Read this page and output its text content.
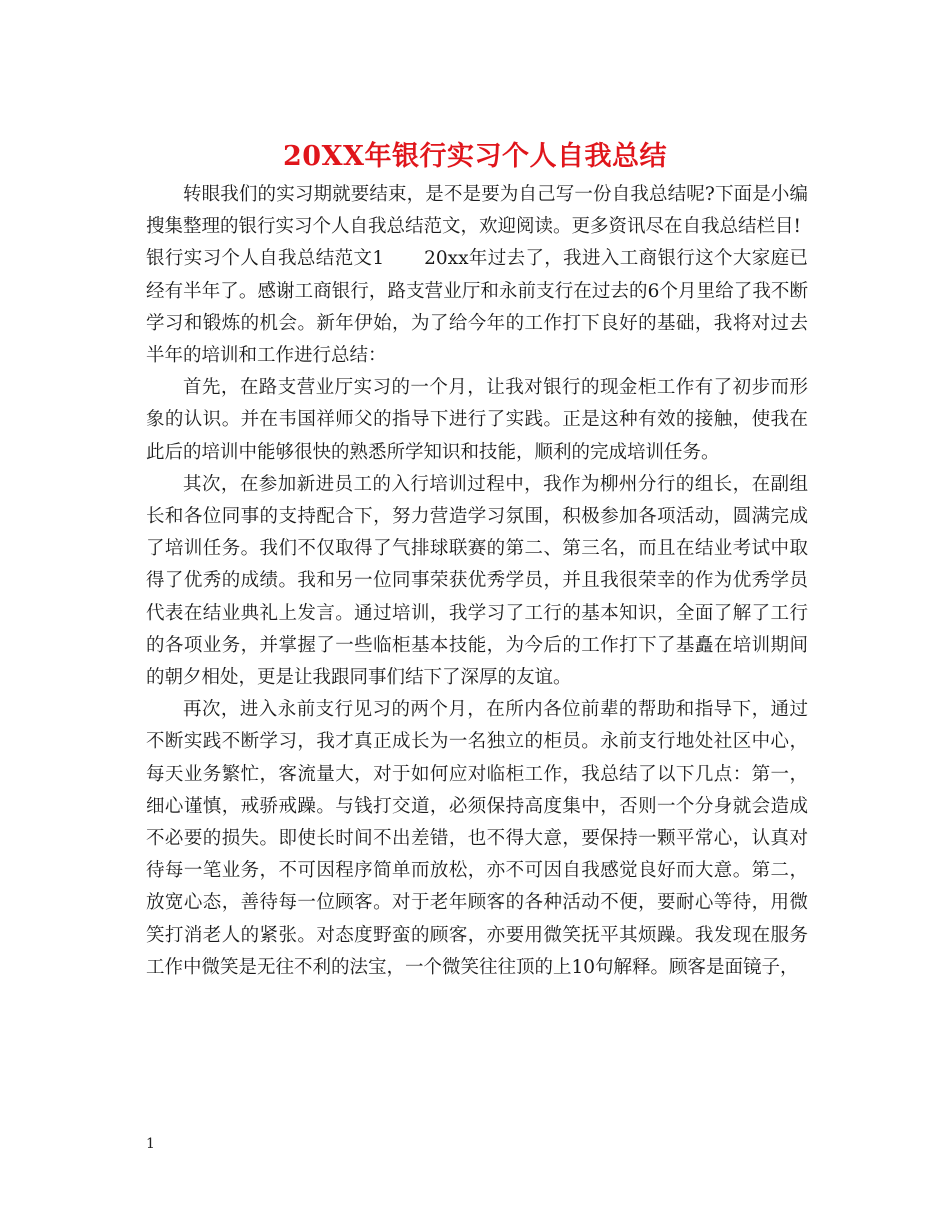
20XX年银行实习个人自我总结

转眼我们的实习期就要结束，是不是要为自己写一份自我总结呢?下面是小编搜集整理的银行实习个人自我总结范文，欢迎阅读。更多资讯尽在自我总结栏目!

银行实习个人自我总结范文1 20xx年过去了，我进入工商银行这个大家庭已经有半年了。感谢工商银行，路支营业厅和永前支行在过去的6个月里给了我不断学习和锻炼的机会。新年伊始，为了给今年的工作打下良好的基础，我将对过去半年的培训和工作进行总结：

首先，在路支营业厅实习的一个月，让我对银行的现金柜工作有了初步而形象的认识。并在韦国祥师父的指导下进行了实践。正是这种有效的接触，使我在此后的培训中能够很快的熟悉所学知识和技能，顺利的完成培训任务。

其次，在参加新进员工的入行培训过程中，我作为柳州分行的组长，在副组长和各位同事的支持配合下，努力营造学习氛围，积极参加各项活动，圆满完成了培训任务。我们不仅取得了气排球联赛的第二、第三名，而且在结业考试中取得了优秀的成绩。我和另一位同事荣获优秀学员，并且我很荣幸的作为优秀学员代表在结业典礼上发言。通过培训，我学习了工行的基本知识，全面了解了工行的各项业务，并掌握了一些临柜基本技能，为今后的工作打下了基矗在培训期间的朝夕相处，更是让我跟同事们结下了深厚的友谊。

再次，进入永前支行见习的两个月，在所内各位前辈的帮助和指导下，通过不断实践不断学习，我才真正成长为一名独立的柜员。永前支行地处社区中心，每天业务繁忙，客流量大，对于如何应对临柜工作，我总结了以下几点：第一，细心谨慎，戒骄戒躁。与钱打交道，必须保持高度集中，否则一个分身就会造成不必要的损失。即使长时间不出差错，也不得大意，要保持一颗平常心，认真对待每一笔业务，不可因程序简单而放松，亦不可因自我感觉良好而大意。第二，放宽心态，善待每一位顾客。对于老年顾客的各种活动不便，要耐心等待，用微笑打消老人的紧张。对态度野蛮的顾客，亦要用微笑抚平其烦躁。我发现在服务工作中微笑是无往不利的法宝，一个微笑往往顶的上10句解释。顾客是面镜子，

1
